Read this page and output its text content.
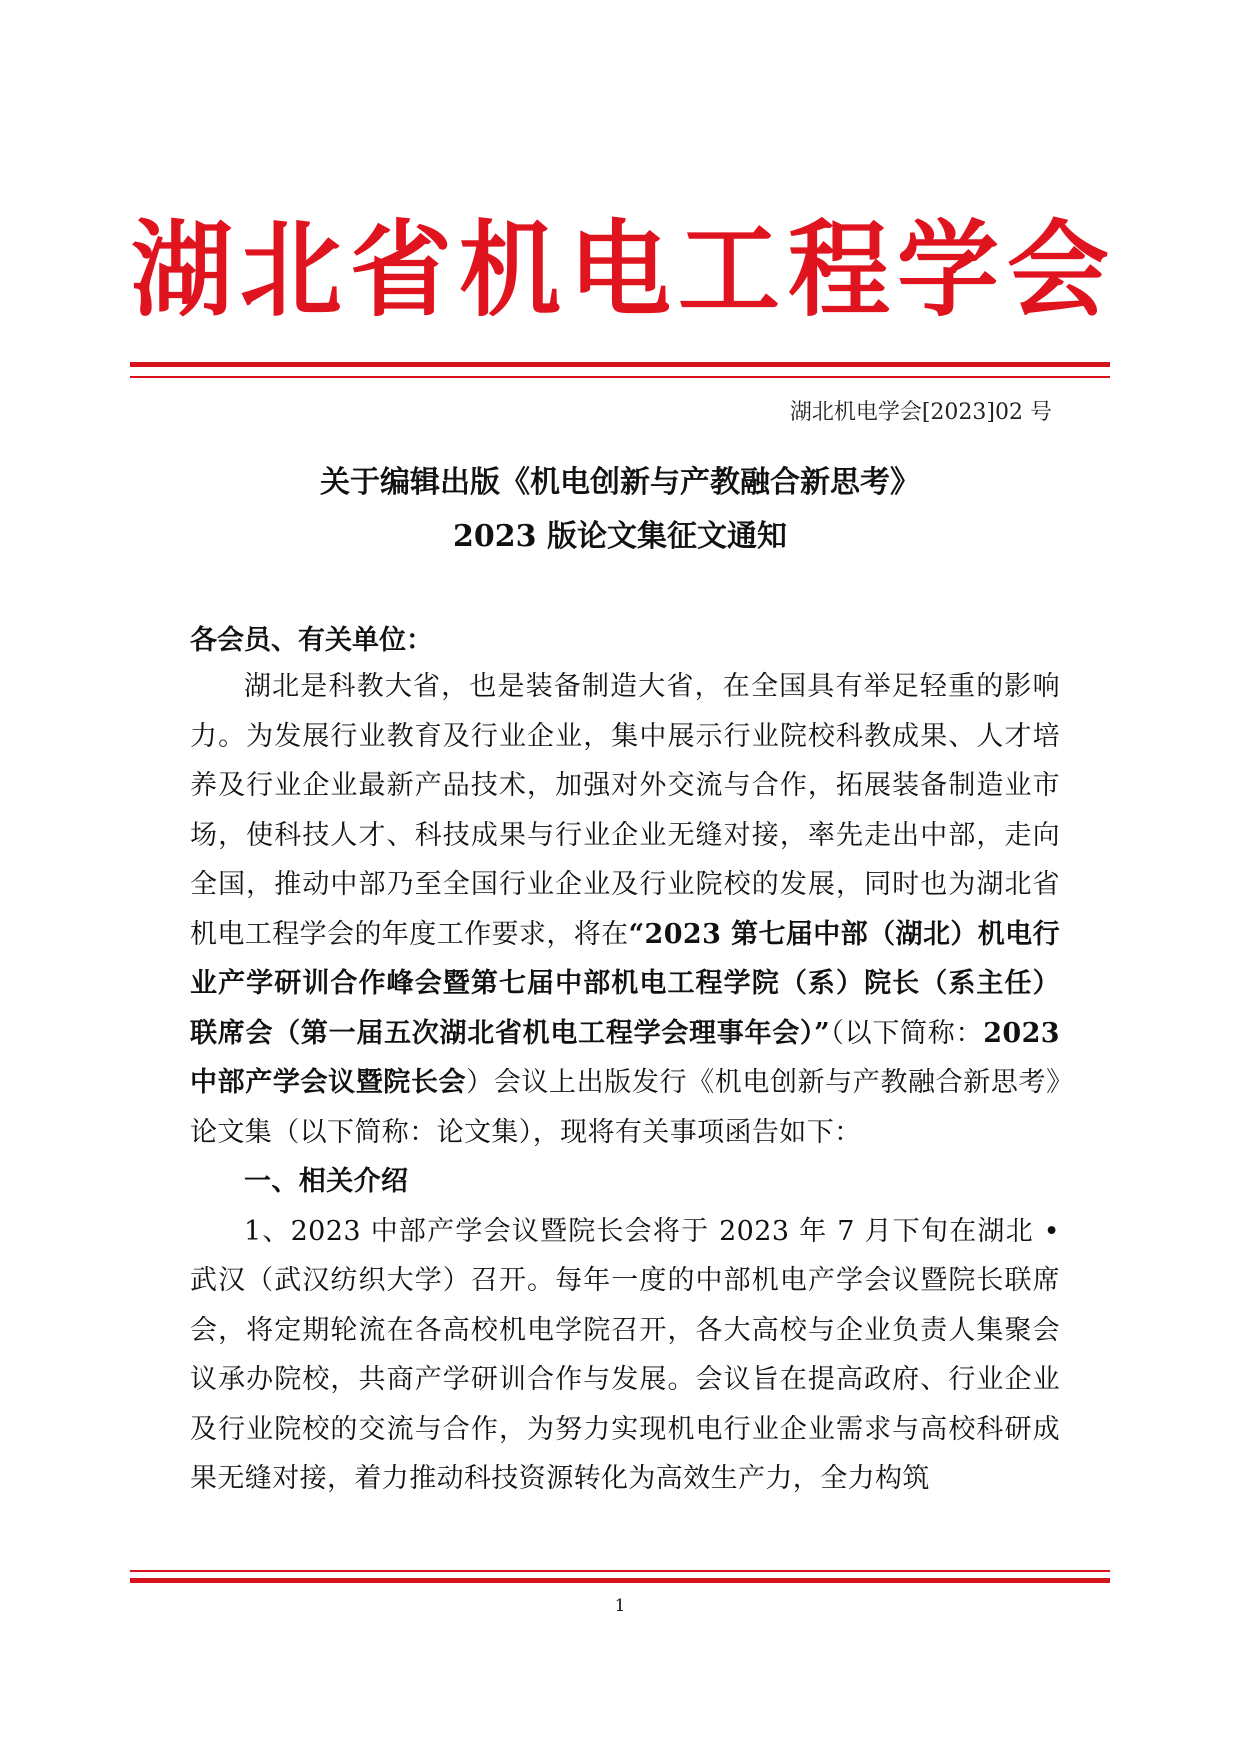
湖 北 省 机 电 工 程 学 会
湖北机电学会[2023]02 号
关于编辑出版《机电创新与产教融合新思考》
2023 版论文集征文通知
各会员、有关单位：

湖北是科教大省，也是装备制造大省，在全国具有举足轻重的影响力。为发展行业教育及行业企业，集中展示行业院校科教成果、人才培养及行业企业最新产品技术，加强对外交流与合作，拓展装备制造业市场，使科技人才、科技成果与行业企业无缝对接，率先走出中部，走向全国，推动中部乃至全国行业企业及行业院校的发展，同时也为湖北省机电工程学会的年度工作要求，将在“2023 第七届中部（湖北）机电行业产学研训合作峰会暨第七届中部机电工程学院（系）院长（系主任）联席会（第一届五次湖北省机电工程学会理事年会）”（以下简称：2023 中部产学会议暨院长会）会议上出版发行《机电创新与产教融合新思考》论文集（以下简称：论文集），现将有关事项函告如下：

一、相关介绍

1、2023 中部产学会议暨院长会将于 2023 年 7 月下旬在湖北 •武汉（武汉纺织大学）召开。每年一度的中部机电产学会议暨院长联席会，将定期轮流在各高校机电学院召开，各大高校与企业负责人集聚会议承办院校，共商产学研训合作与发展。会议旨在提高政府、行业企业及行业院校的交流与合作，为努力实现机电行业企业需求与高校科研成果无缝对接，着力推动科技资源转化为高效生产力，全力构筑

1
